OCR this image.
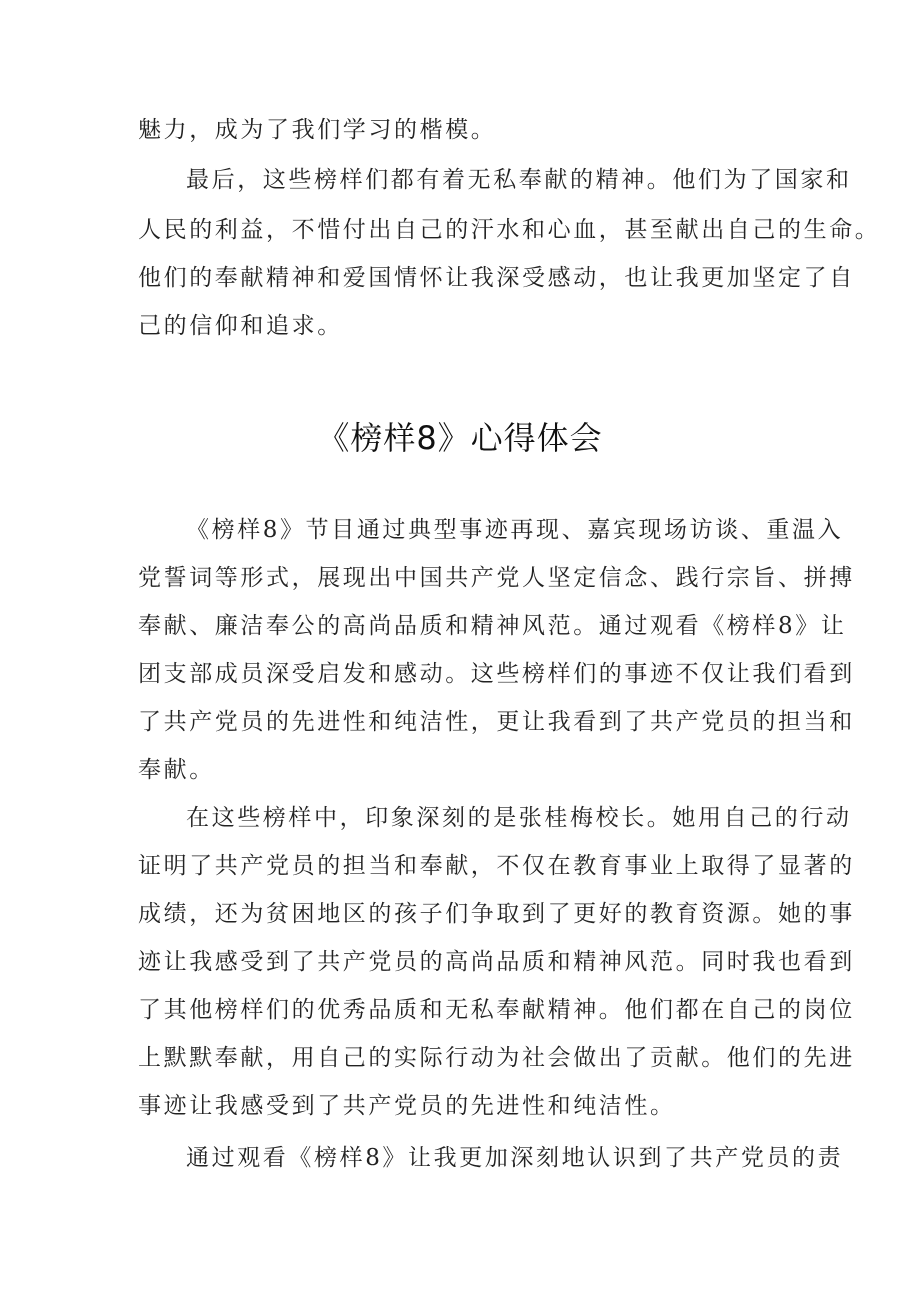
魅力，成为了我们学习的楷模。
最后，这些榜样们都有着无私奉献的精神。他们为了国家和
人民的利益，不惜付出自己的汗水和心血，甚至献出自己的生命。
他们的奉献精神和爱国情怀让我深受感动，也让我更加坚定了自
己的信仰和追求。
《榜样8》心得体会
《榜样8》节目通过典型事迹再现、嘉宾现场访谈、重温入
党誓词等形式，展现出中国共产党人坚定信念、践行宗旨、拼搏
奉献、廉洁奉公的高尚品质和精神风范。通过观看《榜样8》让
团支部成员深受启发和感动。这些榜样们的事迹不仅让我们看到
了共产党员的先进性和纯洁性，更让我看到了共产党员的担当和
奉献。
在这些榜样中，印象深刻的是张桂梅校长。她用自己的行动
证明了共产党员的担当和奉献，不仅在教育事业上取得了显著的
成绩，还为贫困地区的孩子们争取到了更好的教育资源。她的事
迹让我感受到了共产党员的高尚品质和精神风范。同时我也看到
了其他榜样们的优秀品质和无私奉献精神。他们都在自己的岗位
上默默奉献，用自己的实际行动为社会做出了贡献。他们的先进
事迹让我感受到了共产党员的先进性和纯洁性。
通过观看《榜样8》让我更加深刻地认识到了共产党员的责
